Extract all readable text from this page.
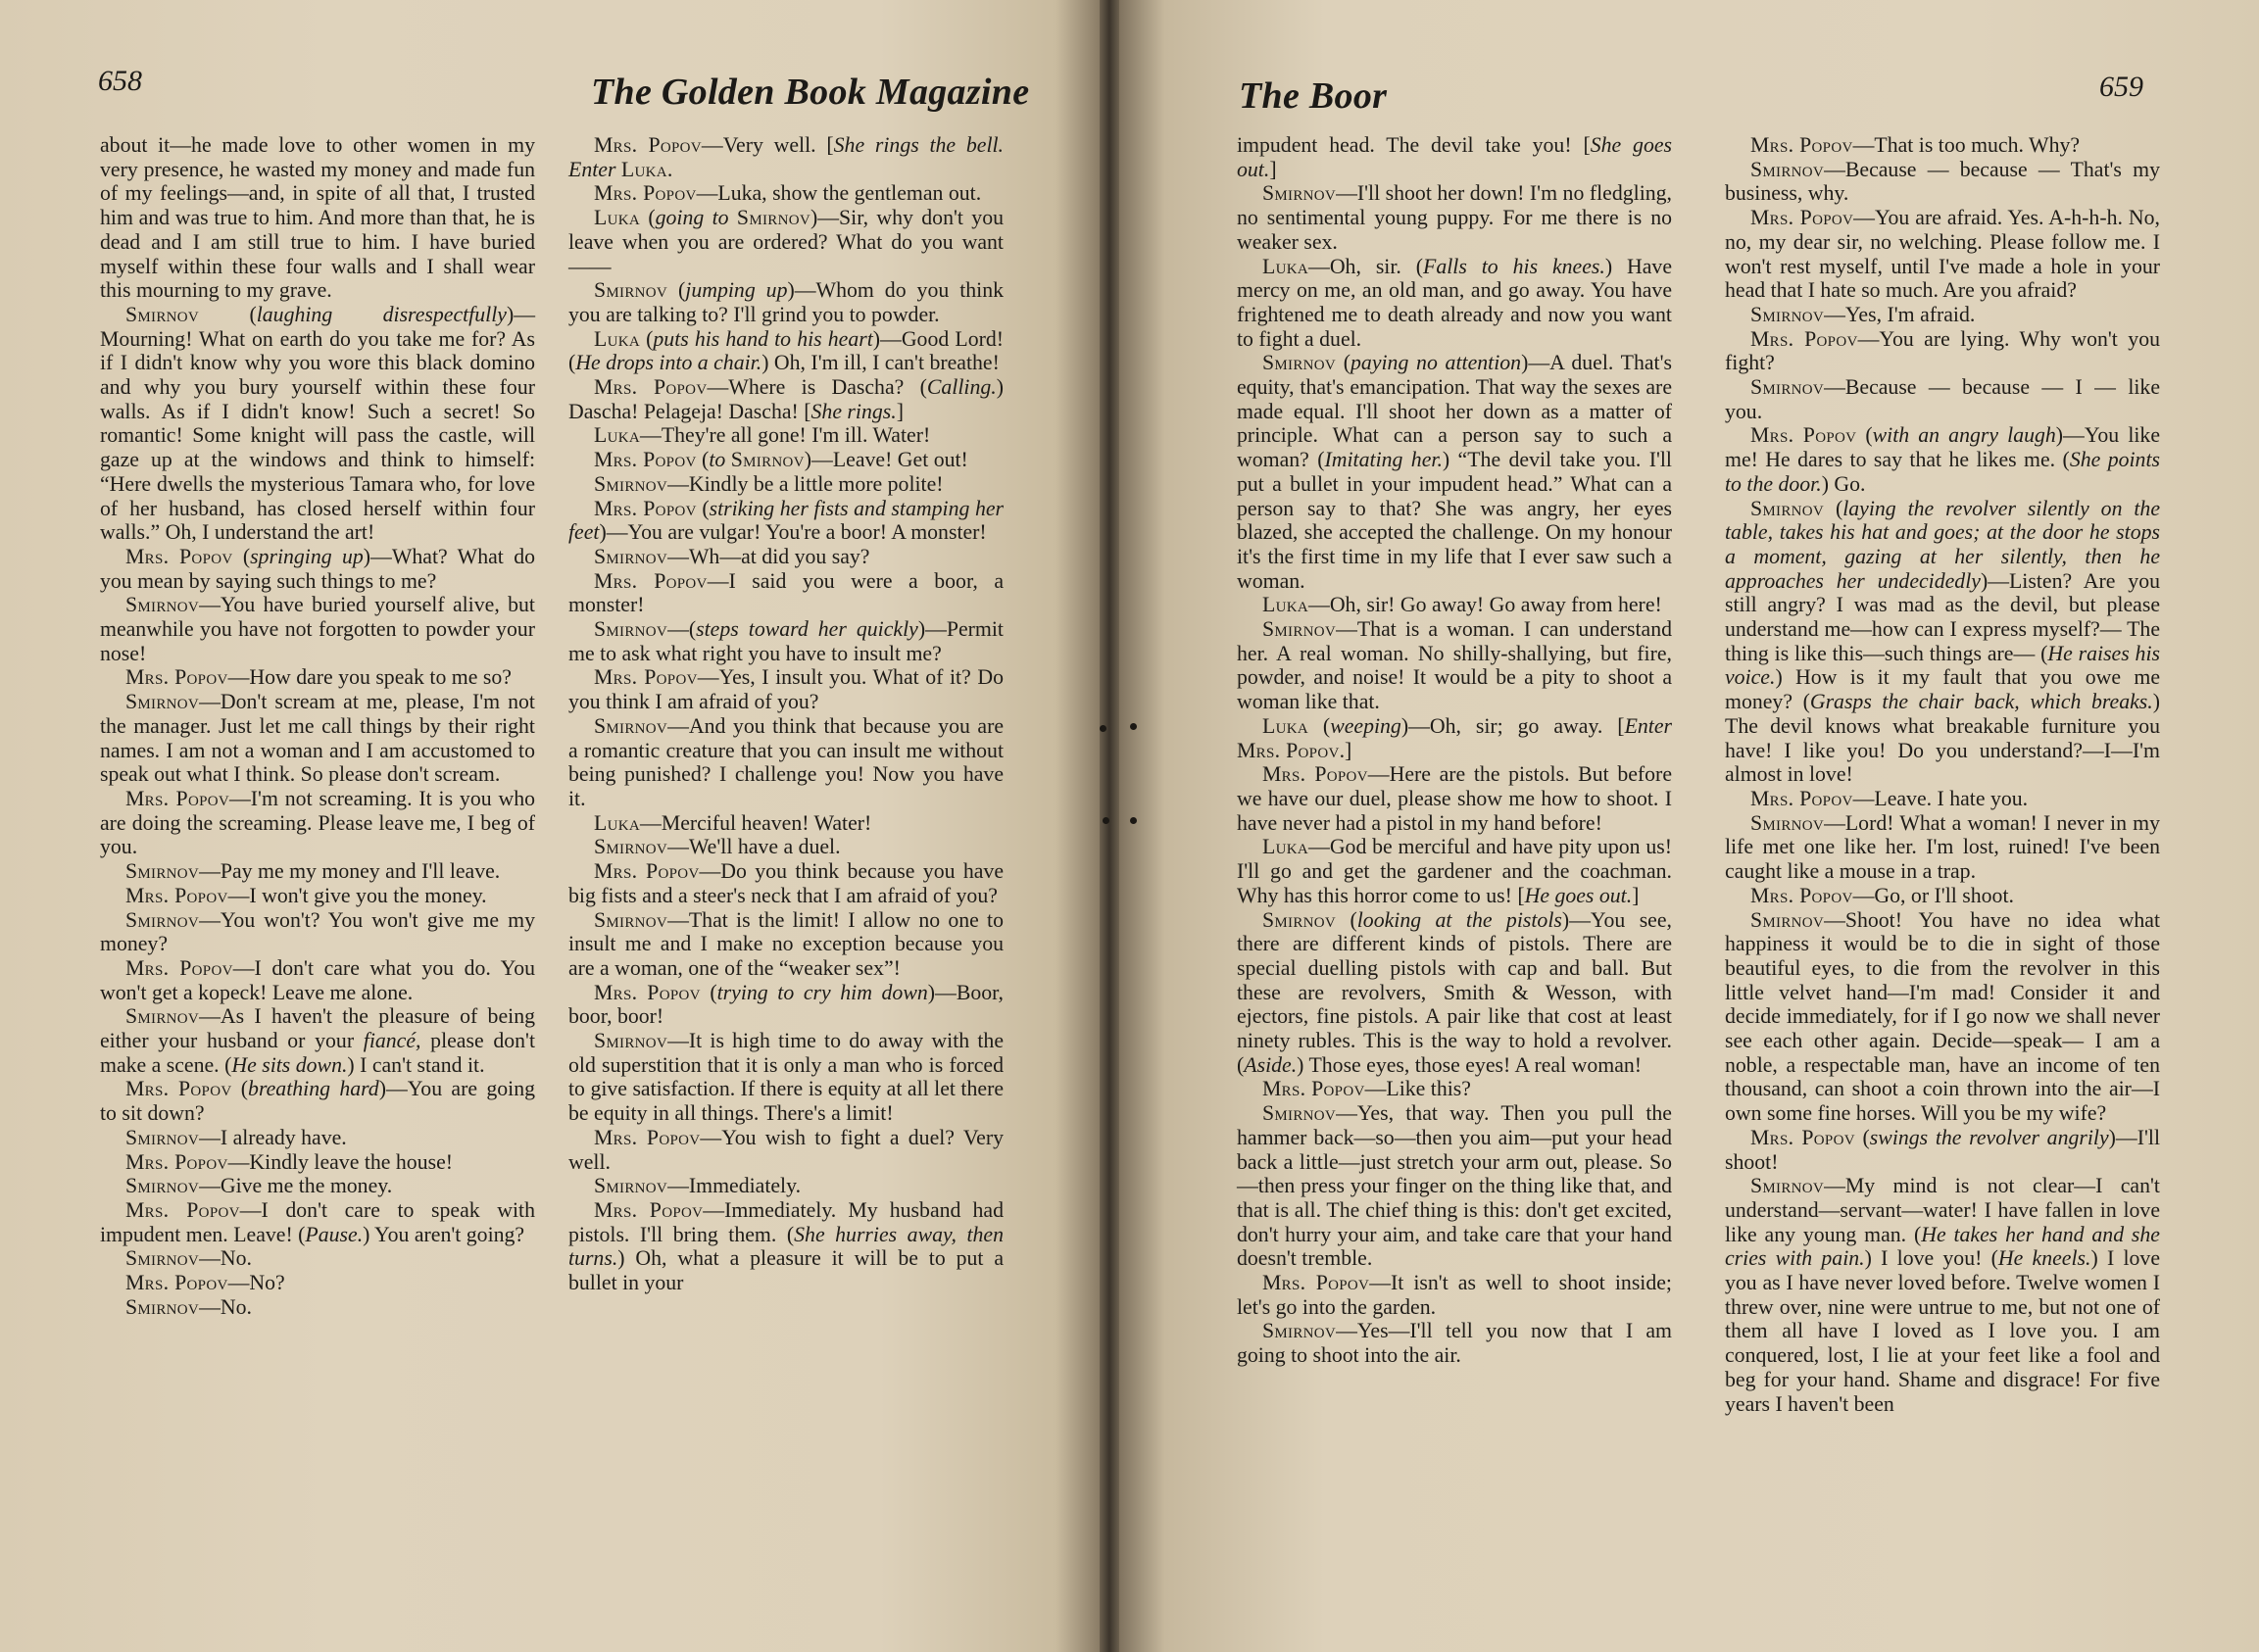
658	The Golden Book Magazine

about it—he made love to other women in my very presence, he wasted my money and made fun of my feelings—and, in spite of all that, I trusted him and was true to him. And more than that, he is dead and I am still true to him. I have buried myself within these four walls and I shall wear this mourning to my grave.

Smirnov (laughing disrespectfully)—Mourning! What on earth do you take me for? As if I didn't know why you wore this black domino and why you bury yourself within these four walls. As if I didn't know! Such a secret! So romantic! Some knight will pass the castle, will gaze up at the windows and think to himself: “Here dwells the mysterious Tamara who, for love of her husband, has closed herself within four walls.” Oh, I understand the art!

Mrs. Popov (springing up)—What? What do you mean by saying such things to me?

Smirnov—You have buried yourself alive, but meanwhile you have not forgotten to powder your nose!

Mrs. Popov—How dare you speak to me so?

Smirnov—Don't scream at me, please, I'm not the manager. Just let me call things by their right names. I am not a woman and I am accustomed to speak out what I think. So please don't scream.

Mrs. Popov—I'm not screaming. It is you who are doing the screaming. Please leave me, I beg of you.

Smirnov—Pay me my money and I'll leave.

Mrs. Popov—I won't give you the money.

Smirnov—You won't? You won't give me my money?

Mrs. Popov—I don't care what you do. You won't get a kopeck! Leave me alone.

Smirnov—As I haven't the pleasure of being either your husband or your fiancé, please don't make a scene. (He sits down.) I can't stand it.

Mrs. Popov (breathing hard)—You are going to sit down?

Smirnov—I already have.

Mrs. Popov—Kindly leave the house!

Smirnov—Give me the money.

Mrs. Popov—I don't care to speak with impudent men. Leave! (Pause.) You aren't going?

Smirnov—No.

Mrs. Popov—No?

Smirnov—No.

Mrs. Popov—Very well. [She rings the bell. Enter Luka.

Mrs. Popov—Luka, show the gentleman out.

Luka (going to Smirnov)—Sir, why don't you leave when you are ordered? What do you want——

Smirnov (jumping up)—Whom do you think you are talking to? I'll grind you to powder.

Luka (puts his hand to his heart)—Good Lord! (He drops into a chair.) Oh, I'm ill, I can't breathe!

Mrs. Popov—Where is Dascha? (Calling.) Dascha! Pelageja! Dascha! [She rings.]

Luka—They're all gone! I'm ill. Water!

Mrs. Popov (to Smirnov)—Leave! Get out!

Smirnov—Kindly be a little more polite!

Mrs. Popov (striking her fists and stamping her feet)—You are vulgar! You're a boor! A monster!

Smirnov—Wh—at did you say?

Mrs. Popov—I said you were a boor, a monster!

Smirnov—(steps toward her quickly)—Permit me to ask what right you have to insult me?

Mrs. Popov—Yes, I insult you. What of it? Do you think I am afraid of you?

Smirnov—And you think that because you are a romantic creature that you can insult me without being punished? I challenge you! Now you have it.

Luka—Merciful heaven! Water!

Smirnov—We'll have a duel.

Mrs. Popov—Do you think because you have big fists and a steer's neck that I am afraid of you?

Smirnov—That is the limit! I allow no one to insult me and I make no exception because you are a woman, one of the “weaker sex”!

Mrs. Popov (trying to cry him down)—Boor, boor, boor!

Smirnov—It is high time to do away with the old superstition that it is only a man who is forced to give satisfaction. If there is equity at all let there be equity in all things. There's a limit!

Mrs. Popov—You wish to fight a duel? Very well.

Smirnov—Immediately.

Mrs. Popov—Immediately. My husband had pistols. I'll bring them. (She hurries away, then turns.) Oh, what a pleasure it will be to put a bullet in your

The Boor	659

impudent head. The devil take you! [She goes out.]

Smirnov—I'll shoot her down! I'm no fledgling, no sentimental young puppy. For me there is no weaker sex.

Luka—Oh, sir. (Falls to his knees.) Have mercy on me, an old man, and go away. You have frightened me to death already and now you want to fight a duel.

Smirnov (paying no attention)—A duel. That's equity, that's emancipation. That way the sexes are made equal. I'll shoot her down as a matter of principle. What can a person say to such a woman? (Imitating her.) “The devil take you. I'll put a bullet in your impudent head.” What can a person say to that? She was angry, her eyes blazed, she accepted the challenge. On my honour it's the first time in my life that I ever saw such a woman.

Luka—Oh, sir! Go away! Go away from here!

Smirnov—That is a woman. I can understand her. A real woman. No shilly-shallying, but fire, powder, and noise! It would be a pity to shoot a woman like that.

Luka (weeping)—Oh, sir; go away. [Enter Mrs. Popov.]

Mrs. Popov—Here are the pistols. But before we have our duel, please show me how to shoot. I have never had a pistol in my hand before!

Luka—God be merciful and have pity upon us! I'll go and get the gardener and the coachman. Why has this horror come to us! [He goes out.]

Smirnov (looking at the pistols)—You see, there are different kinds of pistols. There are special duelling pistols with cap and ball. But these are revolvers, Smith & Wesson, with ejectors, fine pistols. A pair like that cost at least ninety rubles. This is the way to hold a revolver. (Aside.) Those eyes, those eyes! A real woman!

Mrs. Popov—Like this?

Smirnov—Yes, that way. Then you pull the hammer back—so—then you aim—put your head back a little—just stretch your arm out, please. So—then press your finger on the thing like that, and that is all. The chief thing is this: don't get excited, don't hurry your aim, and take care that your hand doesn't tremble.

Mrs. Popov—It isn't as well to shoot inside; let's go into the garden.

Smirnov—Yes—I'll tell you now that I am going to shoot into the air.

Mrs. Popov—That is too much. Why?

Smirnov—Because — because — That's my business, why.

Mrs. Popov—You are afraid. Yes. A-h-h-h. No, no, my dear sir, no welching. Please follow me. I won't rest myself, until I've made a hole in your head that I hate so much. Are you afraid?

Smirnov—Yes, I'm afraid.

Mrs. Popov—You are lying. Why won't you fight?

Smirnov—Because — because — I — like you.

Mrs. Popov (with an angry laugh)—You like me! He dares to say that he likes me. (She points to the door.) Go.

Smirnov (laying the revolver silently on the table, takes his hat and goes; at the door he stops a moment, gazing at her silently, then he approaches her undecidedly)—Listen? Are you still angry? I was mad as the devil, but please understand me—how can I express myself?— The thing is like this—such things are— (He raises his voice.) How is it my fault that you owe me money? (Grasps the chair back, which breaks.) The devil knows what breakable furniture you have! I like you! Do you understand?—I—I'm almost in love!

Mrs. Popov—Leave. I hate you.

Smirnov—Lord! What a woman! I never in my life met one like her. I'm lost, ruined! I've been caught like a mouse in a trap.

Mrs. Popov—Go, or I'll shoot.

Smirnov—Shoot! You have no idea what happiness it would be to die in sight of those beautiful eyes, to die from the revolver in this little velvet hand—I'm mad! Consider it and decide immediately, for if I go now we shall never see each other again. Decide—speak— I am a noble, a respectable man, have an income of ten thousand, can shoot a coin thrown into the air—I own some fine horses. Will you be my wife?

Mrs. Popov (swings the revolver angrily)—I'll shoot!

Smirnov—My mind is not clear—I can't understand—servant—water! I have fallen in love like any young man. (He takes her hand and she cries with pain.) I love you! (He kneels.) I love you as I have never loved before. Twelve women I threw over, nine were untrue to me, but not one of them all have I loved as I love you. I am conquered, lost, I lie at your feet like a fool and beg for your hand. Shame and disgrace! For five years I haven't been
